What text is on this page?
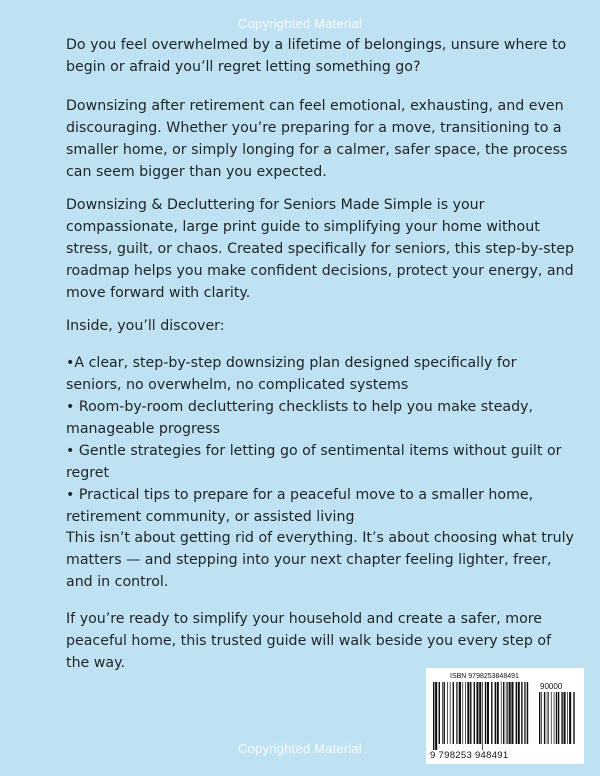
Copyrighted Material

Do you feel overwhelmed by a lifetime of belongings, unsure where to begin or afraid you’ll regret letting something go?

Downsizing after retirement can feel emotional, exhausting, and even discouraging. Whether you’re preparing for a move, transitioning to a smaller home, or simply longing for a calmer, safer space, the process can seem bigger than you expected.

Downsizing & Decluttering for Seniors Made Simple is your compassionate, large print guide to simplifying your home without stress, guilt, or chaos. Created specifically for seniors, this step-by-step roadmap helps you make confident decisions, protect your energy, and move forward with clarity.

Inside, you’ll discover:

•A clear, step-by-step downsizing plan designed specifically for seniors, no overwhelm, no complicated systems
• Room-by-room decluttering checklists to help you make steady, manageable progress
• Gentle strategies for letting go of sentimental items without guilt or regret
• Practical tips to prepare for a peaceful move to a smaller home, retirement community, or assisted living

This isn’t about getting rid of everything. It’s about choosing what truly matters — and stepping into your next chapter feeling lighter, freer, and in control.

If you’re ready to simplify your household and create a safer, more peaceful home, this trusted guide will walk beside you every step of the way.

ISBN 9798253848491
90000
9 798253 948491
Copyrighted Material
